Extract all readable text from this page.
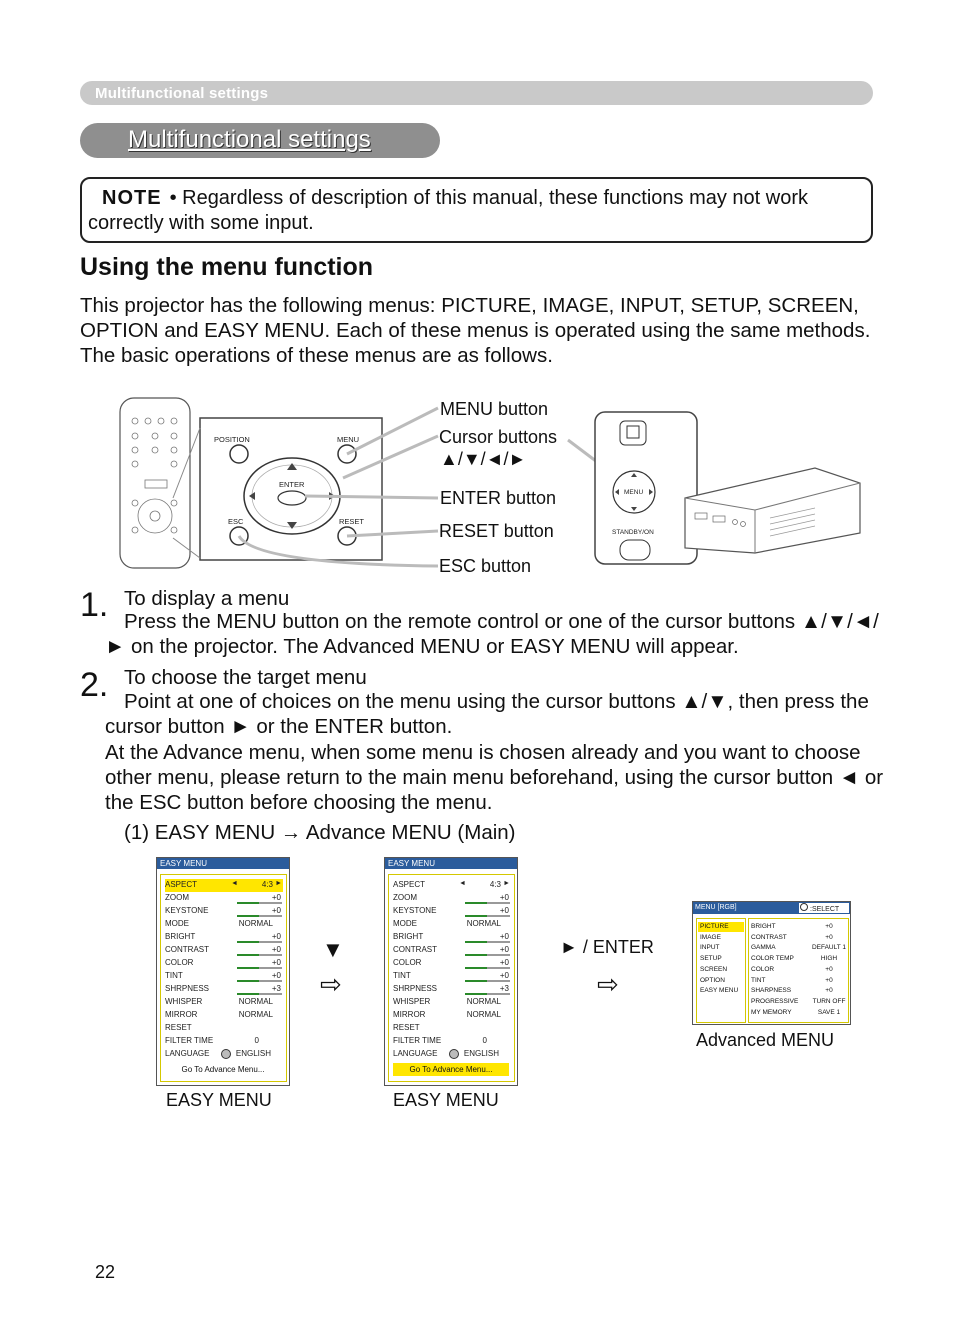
Multifunctional settings
Multifunctional settings
NOTE • Regardless of description of this manual, these functions may not work correctly with some input.
Using the menu function
This projector has the following menus: PICTURE, IMAGE, INPUT, SETUP, SCREEN, OPTION and EASY MENU. Each of these menus is operated using the same methods. The basic operations of these menus are as follows.
POSITION	MENU
ENTER
ESC	RESET
MENU
STANDBY/ON
MENU button
Cursor buttons
▲/▼/◄/►
ENTER button
RESET button
ESC button
1. To display a menu
Press the MENU button on the remote control or one of the cursor buttons ▲/▼/◄/► on the projector. The Advanced MENU or EASY MENU will appear.
2. To choose the target menu
Point at one of choices on the menu using the cursor buttons ▲/▼, then press the cursor button ► or the ENTER button.
At the Advance menu, when some menu is chosen already and you want to choose other menu, please return to the main menu beforehand, using the cursor button ◄ or the ESC button before choosing the menu.
(1) EASY MENU → Advance MENU (Main)
EASY MENU
ASPECT	4:3
◄	►
ZOOM	+0
KEYSTONE	+0
MODE	NORMAL
BRIGHT	+0
CONTRAST	+0
COLOR	+0
TINT	+0
SHRPNESS	+3
WHISPER	NORMAL
MIRROR	NORMAL
RESET
FILTER TIME	0
LANGUAGE	ENGLISH
Go To Advance Menu...
EASY MENU
▼
⇨
EASY MENU
ASPECT	4:3
◄	►
ZOOM	+0
KEYSTONE	+0
MODE	NORMAL
BRIGHT	+0
CONTRAST	+0
COLOR	+0
TINT	+0
SHRPNESS	+3
WHISPER	NORMAL
MIRROR	NORMAL
RESET
FILTER TIME	0
LANGUAGE	ENGLISH
Go To Advance Menu...
EASY MENU
► / ENTER
⇨
MENU [RGB]	:SELECT
PICTURE
IMAGE
INPUT
SETUP
SCREEN
OPTION
EASY MENU
BRIGHT	+0
CONTRAST	+0
GAMMA	DEFAULT 1
COLOR TEMP	HIGH
COLOR	+0
TINT	+0
SHARPNESS	+0
PROGRESSIVE	TURN OFF
MY MEMORY	SAVE 1
Advanced MENU
22
